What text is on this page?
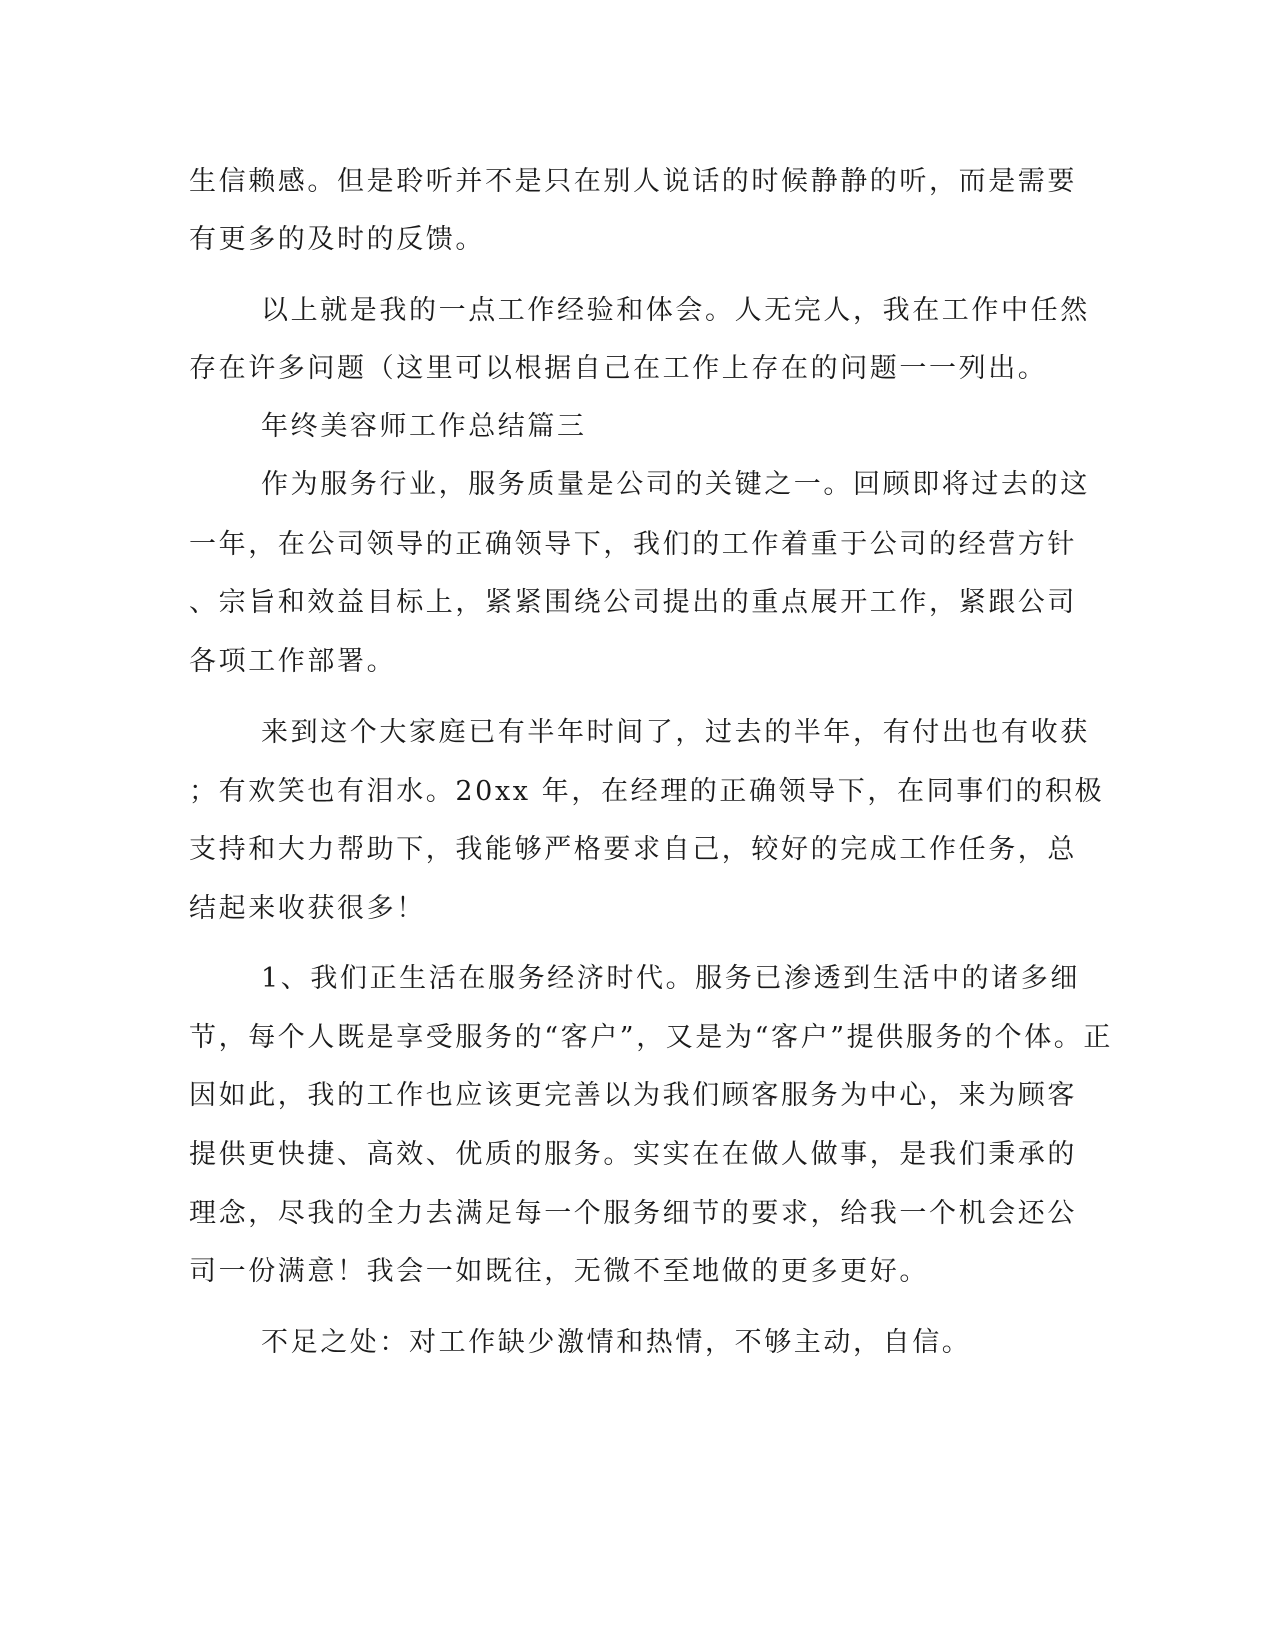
生信赖感。但是聆听并不是只在别人说话的时候静静的听，而是需要
有更多的及时的反馈。
以上就是我的一点工作经验和体会。人无完人，我在工作中任然
存在许多问题（这里可以根据自己在工作上存在的问题一一列出。
年终美容师工作总结篇三
作为服务行业，服务质量是公司的关键之一。回顾即将过去的这
一年，在公司领导的正确领导下，我们的工作着重于公司的经营方针
、宗旨和效益目标上，紧紧围绕公司提出的重点展开工作，紧跟公司
各项工作部署。
来到这个大家庭已有半年时间了，过去的半年，有付出也有收获
；有欢笑也有泪水。20xx 年，在经理的正确领导下，在同事们的积极
支持和大力帮助下，我能够严格要求自己，较好的完成工作任务，总
结起来收获很多！
1、我们正生活在服务经济时代。服务已渗透到生活中的诸多细
节，每个人既是享受服务的“客户”，又是为“客户”提供服务的个体。正
因如此，我的工作也应该更完善以为我们顾客服务为中心，来为顾客
提供更快捷、高效、优质的服务。实实在在做人做事，是我们秉承的
理念，尽我的全力去满足每一个服务细节的要求，给我一个机会还公
司一份满意！我会一如既往，无微不至地做的更多更好。
不足之处：对工作缺少激情和热情，不够主动，自信。
